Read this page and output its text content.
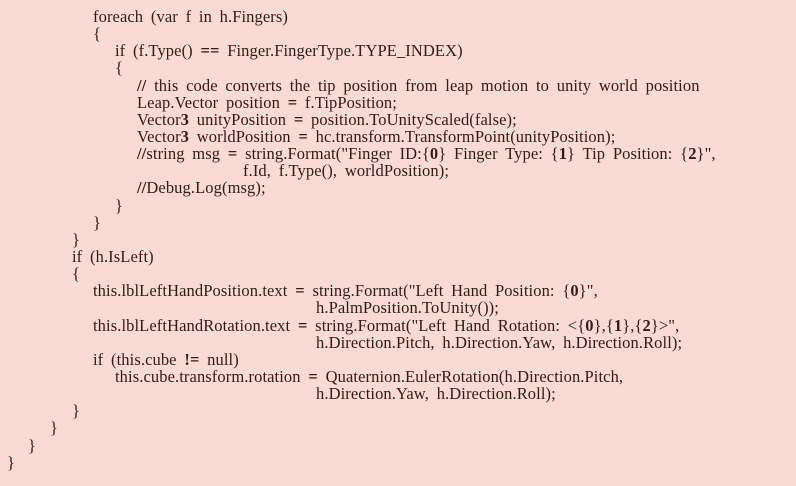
foreach (var f in h.Fingers)
{
if (f.Type() == Finger.FingerType.TYPE_INDEX)
{
// this code converts the tip position from leap motion to unity world position
Leap.Vector position = f.TipPosition;
Vector3 unityPosition = position.ToUnityScaled(false);
Vector3 worldPosition = hc.transform.TransformPoint(unityPosition);
//string msg = string.Format("Finger ID:{0} Finger Type: {1} Tip Position: {2}",
f.Id, f.Type(), worldPosition);
//Debug.Log(msg);
}
}
}
if (h.IsLeft)
{
this.lblLeftHandPosition.text = string.Format("Left Hand Position: {0}",
h.PalmPosition.ToUnity());
this.lblLeftHandRotation.text = string.Format("Left Hand Rotation: <{0},{1},{2}>",
h.Direction.Pitch, h.Direction.Yaw, h.Direction.Roll);
if (this.cube != null)
this.cube.transform.rotation = Quaternion.EulerRotation(h.Direction.Pitch,
h.Direction.Yaw, h.Direction.Roll);
}
}
}
}
